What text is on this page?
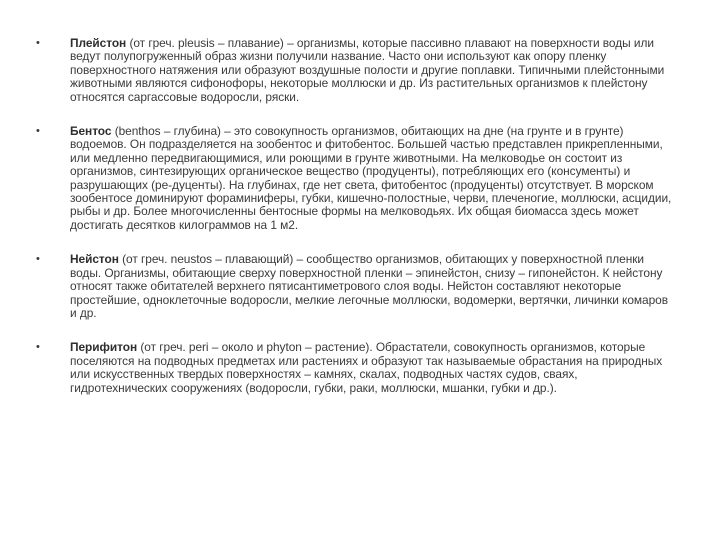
•	Плейстон (от греч. pleusis – плавание) – организмы, которые пассивно плавают на поверхности воды или ведут полупогруженный образ жизни получили название. Часто они используют как опору пленку поверхностного натяжения или образуют воздушные полости и другие поплавки. Типичными плейстонными животными являются сифонофоры, некоторые моллюски и др. Из растительных организмов к плейстону относятся саргассовые водоросли, ряски.
•	Бентос (benthos – глубина) – это совокупность организмов, обитающих на дне (на грунте и в грунте) водоемов. Он подразделяется на зообентос и фитобентос. Большей частью представлен прикрепленными, или медленно передвигающимися, или роющими в грунте животными. На мелководье он состоит из организмов, синтезирующих органическое вещество (продуценты), потребляющих его (консументы) и разрушающих (ре-дуценты). На глубинах, где нет света, фитобентос (продуценты) отсутствует. В морском зообентосе доминируют фораминиферы, губки, кишечно-полостные, черви, плеченогие, моллюски, асцидии, рыбы и др. Более многочисленны бентосные формы на мелководьях. Их общая биомасса здесь может достигать десятков килограммов на 1 м2.
•	Нейстон (от греч. neustos – плавающий) – сообщество организмов, обитающих у поверхностной пленки воды. Организмы, обитающие сверху поверхностной пленки – эпинейстон, снизу – гипонейстон. К нейстону относят также обитателей верхнего пятисантиметрового слоя воды. Нейстон составляют некоторые простейшие, одноклеточные водоросли, мелкие легочные моллюски, водомерки, вертячки, личинки комаров и др.
•	Перифитон (от греч. peri – около и phyton – растение). Обрастатели, совокупность организмов, которые поселяются на подводных предметах или растениях и образуют так называемые обрастания на природных или искусственных твердых поверхностях – камнях, скалах, подводных частях судов, сваях, гидротехнических сооружениях (водоросли, губки, раки, моллюски, мшанки, губки и др.).
